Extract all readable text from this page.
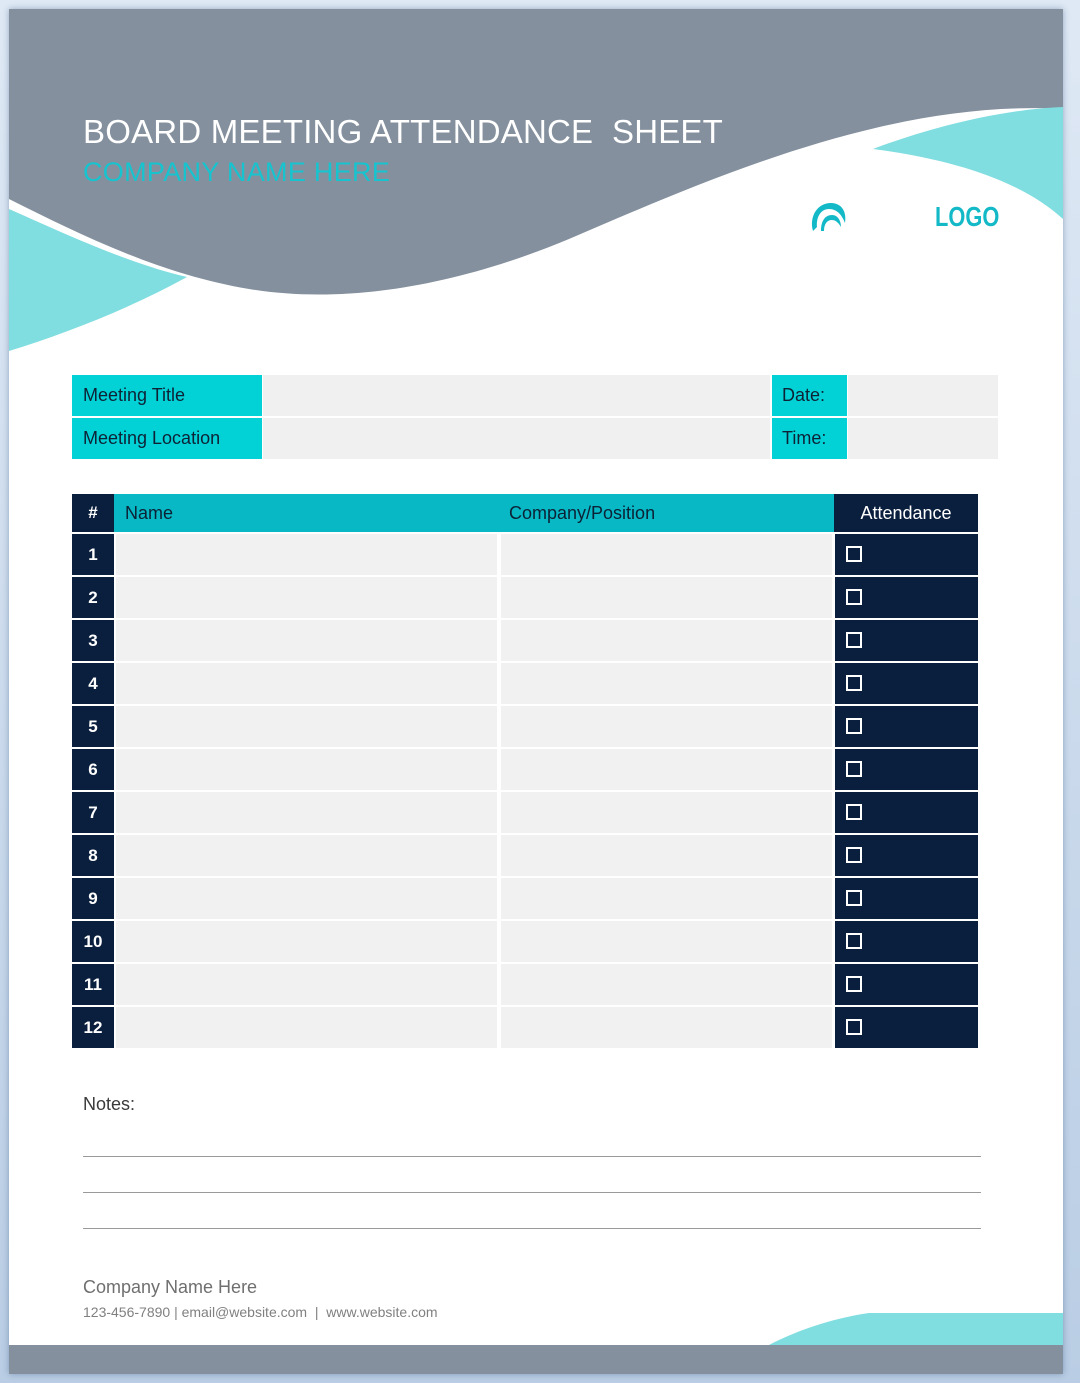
BOARD MEETING ATTENDANCE  SHEET
COMPANY NAME HERE
LOGO
Meeting Title	Date:
Meeting Location	Time:
#	Name	Company/Position	Attendance
1
2
3
4
5
6
7
8
9
10
11
12
Notes:
Company Name Here
123-456-7890 | email@website.com  |  www.website.com
